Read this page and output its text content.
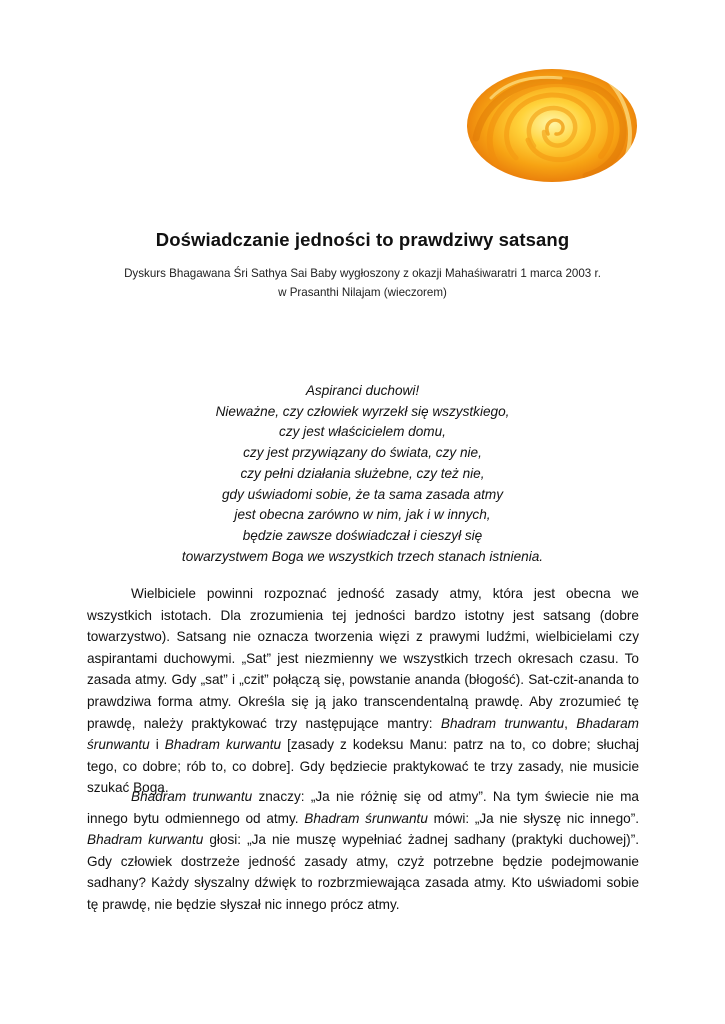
Doświadczanie jedności to prawdziwy satsang
Dyskurs Bhagawana Śri Sathya Sai Baby wygłoszony z okazji Mahaśiwaratri 1 marca 2003 r.
w Prasanthi Nilajam (wieczorem)
Aspiranci duchowi!
Nieważne, czy człowiek wyrzekł się wszystkiego,
czy jest właścicielem domu,
czy jest przywiązany do świata, czy nie,
czy pełni działania służebne, czy też nie,
gdy uświadomi sobie, że ta sama zasada atmy
jest obecna zarówno w nim, jak i w innych,
będzie zawsze doświadczał i cieszył się
towarzystwem Boga we wszystkich trzech stanach istnienia.

Wielbiciele powinni rozpoznać jedność zasady atmy, która jest obecna we wszystkich istotach. Dla zrozumienia tej jedności bardzo istotny jest satsang (dobre towarzystwo). Satsang nie oznacza tworzenia więzi z prawymi ludźmi, wielbicielami czy aspirantami duchowymi. „Sat” jest niezmienny we wszystkich trzech okresach czasu. To zasada atmy. Gdy „sat” i „czit” połączą się, powstanie ananda (błogość). Sat-czit-ananda to prawdziwa forma atmy. Określa się ją jako transcendentalną prawdę. Aby zrozumieć tę prawdę, należy praktykować trzy następujące mantry: Bhadram trunwantu, Bhadaram śrunwantu i Bhadram kurwantu [zasady z kodeksu Manu: patrz na to, co dobre; słuchaj tego, co dobre; rób to, co dobre]. Gdy będziecie praktykować te trzy zasady, nie musicie szukać Boga.

Bhadram trunwantu znaczy: „Ja nie różnię się od atmy”. Na tym świecie nie ma innego bytu odmiennego od atmy. Bhadram śrunwantu mówi: „Ja nie słyszę nic innego”. Bhadram kurwantu głosi: „Ja nie muszę wypełniać żadnej sadhany (praktyki duchowej)”. Gdy człowiek dostrzeże jedność zasady atmy, czyż potrzebne będzie podejmowanie sadhany? Każdy słyszalny dźwięk to rozbrzmiewająca zasada atmy. Kto uświadomi sobie tę prawdę, nie będzie słyszał nic innego prócz atmy.
